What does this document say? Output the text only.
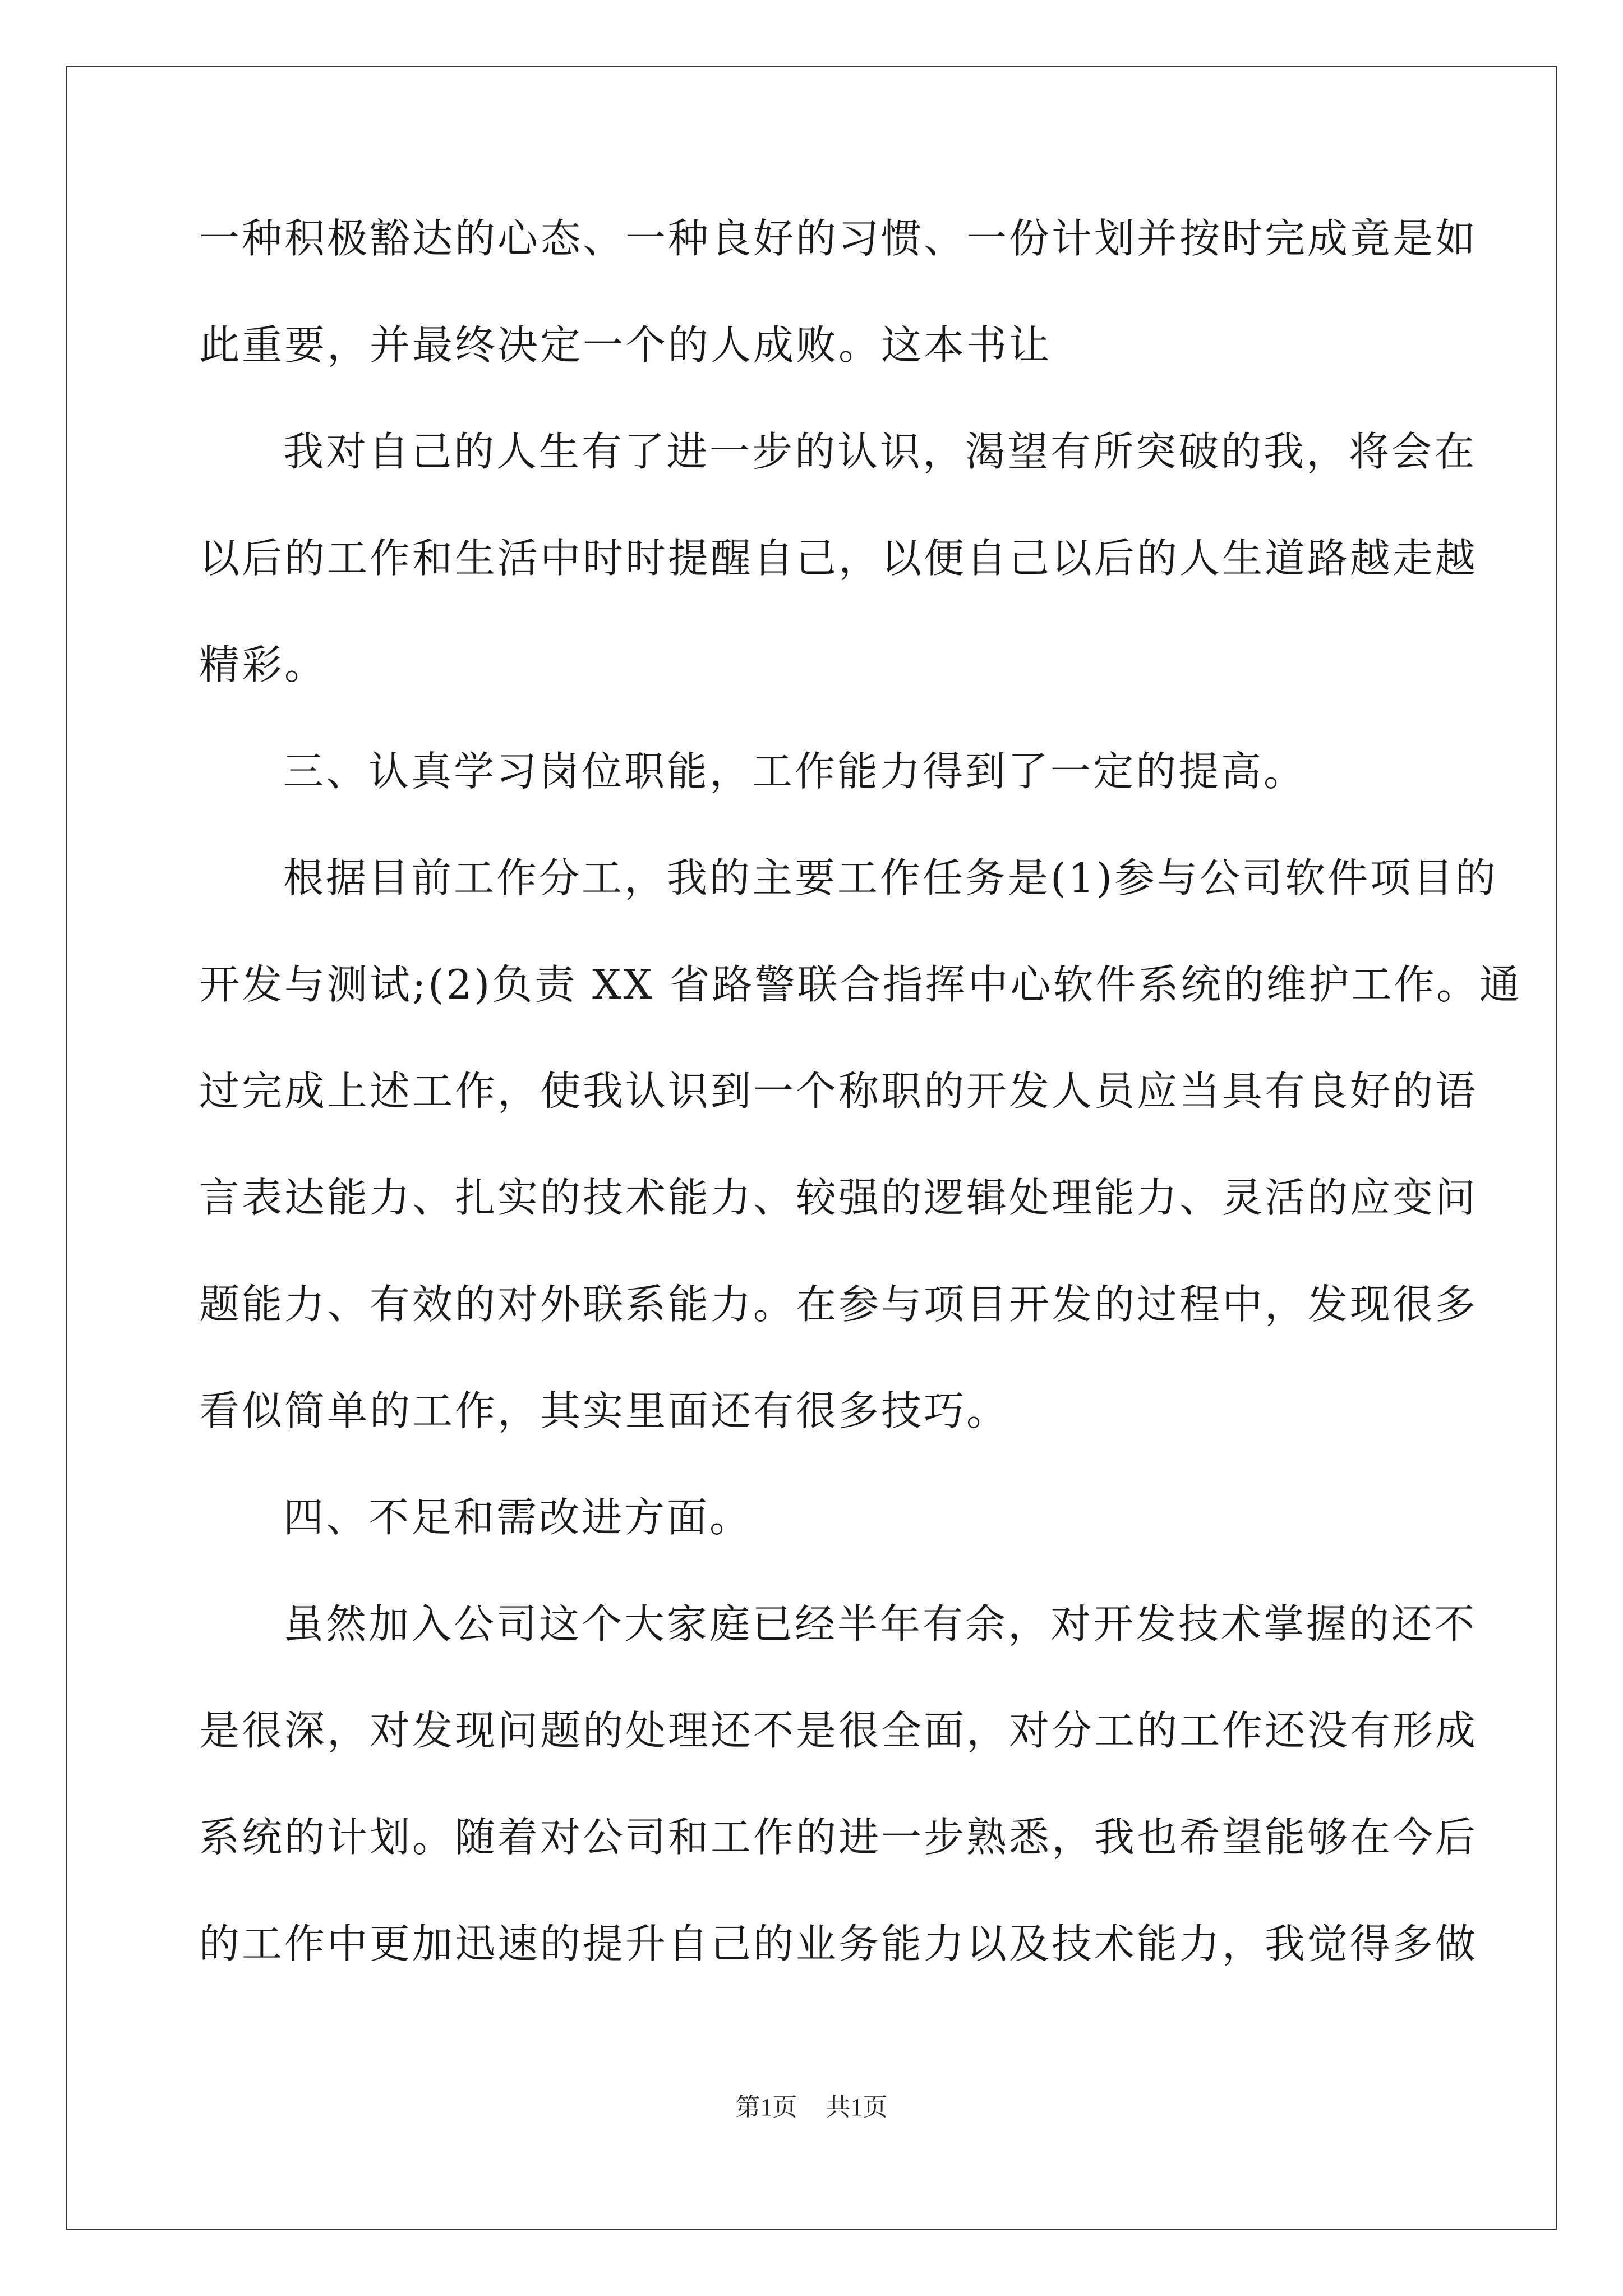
一种积极豁达的心态、一种良好的习惯、一份计划并按时完成竟是如
此重要，并最终决定一个的人成败。这本书让
我对自己的人生有了进一步的认识，渴望有所突破的我，将会在
以后的工作和生活中时时提醒自己，以便自己以后的人生道路越走越
精彩。
三、认真学习岗位职能，工作能力得到了一定的提高。
根据目前工作分工，我的主要工作任务是(1)参与公司软件项目的
开发与测试;(2)负责 XX 省路警联合指挥中心软件系统的维护工作。通
过完成上述工作，使我认识到一个称职的开发人员应当具有良好的语
言表达能力、扎实的技术能力、较强的逻辑处理能力、灵活的应变问
题能力、有效的对外联系能力。在参与项目开发的过程中，发现很多
看似简单的工作，其实里面还有很多技巧。
四、不足和需改进方面。
虽然加入公司这个大家庭已经半年有余，对开发技术掌握的还不
是很深，对发现问题的处理还不是很全面，对分工的工作还没有形成
系统的计划。随着对公司和工作的进一步熟悉，我也希望能够在今后
的工作中更加迅速的提升自己的业务能力以及技术能力，我觉得多做
第1页 共1页
